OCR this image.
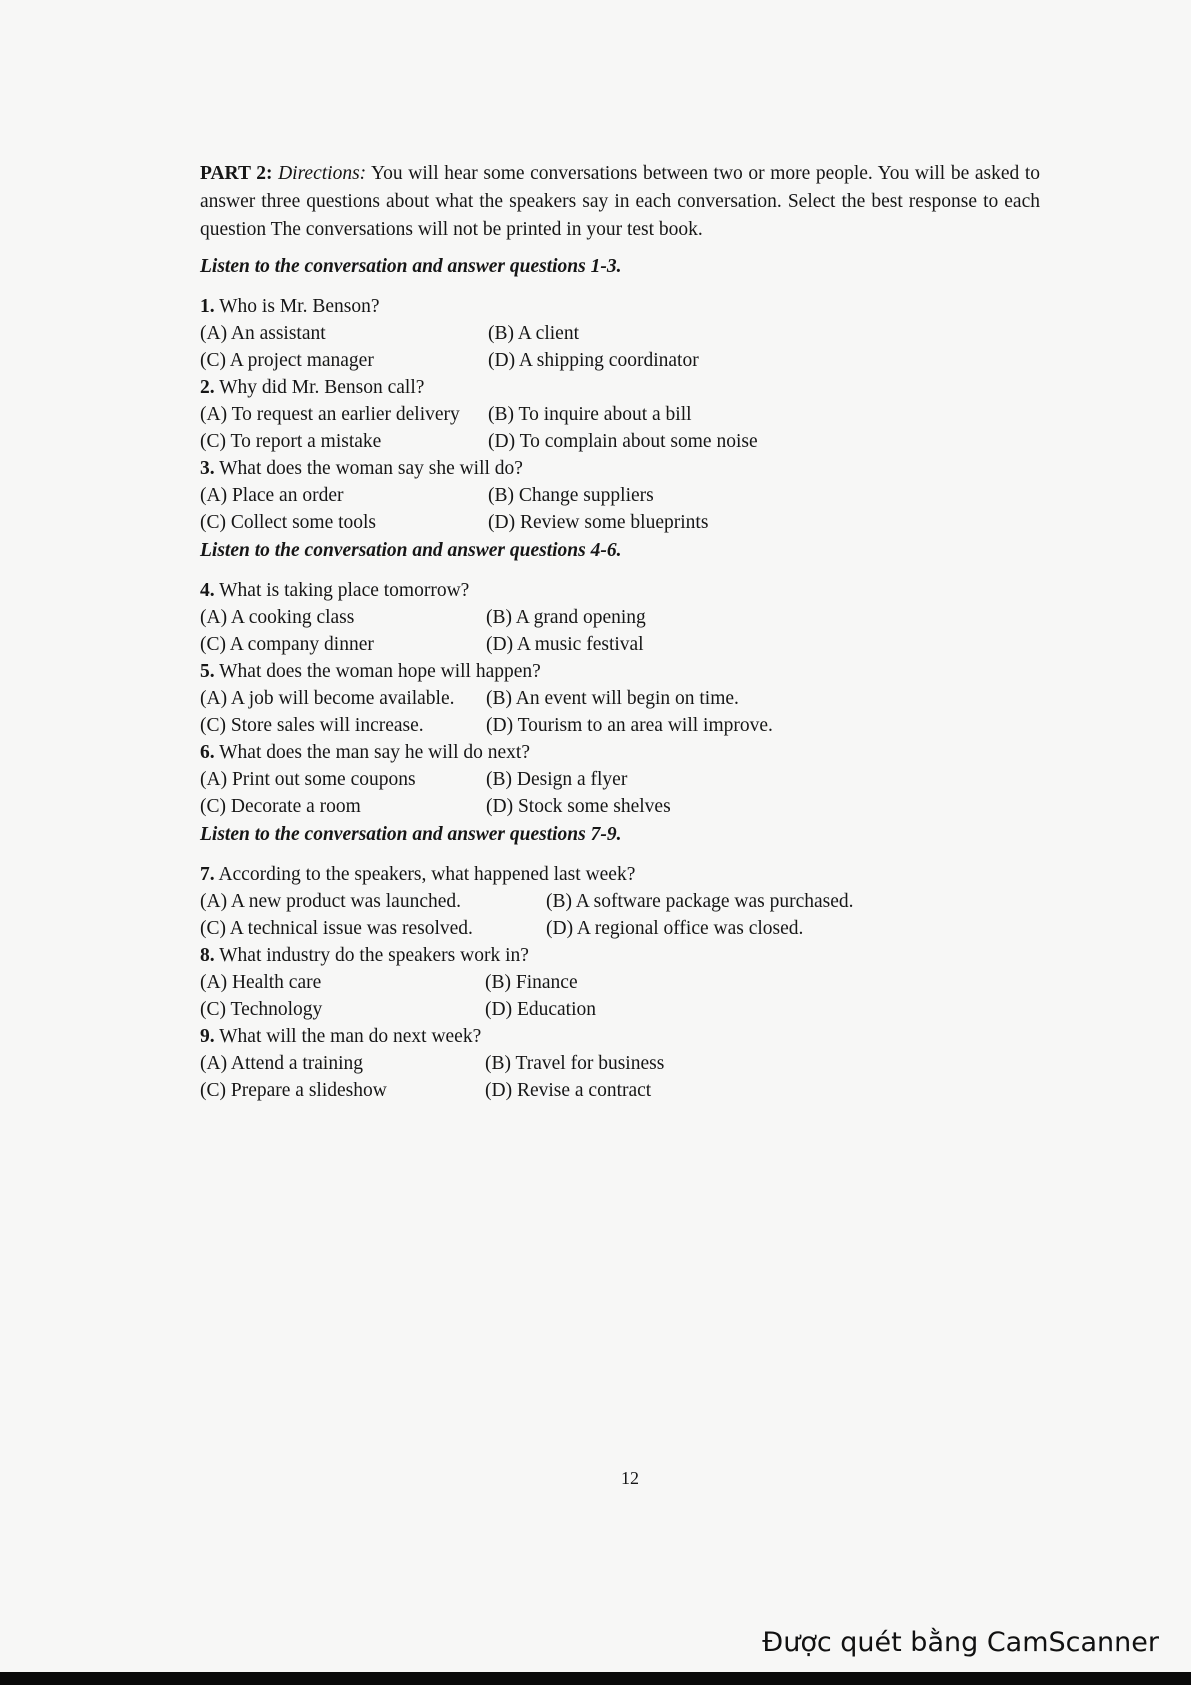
PART 2: Directions: You will hear some conversations between two or more people. You will be asked to answer three questions about what the speakers say in each conversation. Select the best response to each question The conversations will not be printed in your test book.

Listen to the conversation and answer questions 1-3.

1. Who is Mr. Benson?
(A) An assistant	(B) A client
(C) A project manager	(D) A shipping coordinator
2. Why did Mr. Benson call?
(A) To request an earlier delivery (B) To inquire about a bill
(C) To report a mistake	(D) To complain about some noise
3. What does the woman say she will do?
(A) Place an order	(B) Change suppliers
(C) Collect some tools	(D) Review some blueprints

Listen to the conversation and answer questions 4-6.

4. What is taking place tomorrow?
(A) A cooking class	(B) A grand opening
(C) A company dinner	(D) A music festival
5. What does the woman hope will happen?
(A) A job will become available. (B) An event will begin on time.
(C) Store sales will increase.	(D) Tourism to an area will improve.
6. What does the man say he will do next?
(A) Print out some coupons	(B) Design a flyer
(C) Decorate a room	(D) Stock some shelves

Listen to the conversation and answer questions 7-9.

7. According to the speakers, what happened last week?
(A) A new product was launched.	(B) A software package was purchased.
(C) A technical issue was resolved.	(D) A regional office was closed.
8. What industry do the speakers work in?
(A) Health care	(B) Finance
(C) Technology	(D) Education
9. What will the man do next week?
(A) Attend a training	(B) Travel for business
(C) Prepare a slideshow	(D) Revise a contract
12
Được quét bằng CamScanner
